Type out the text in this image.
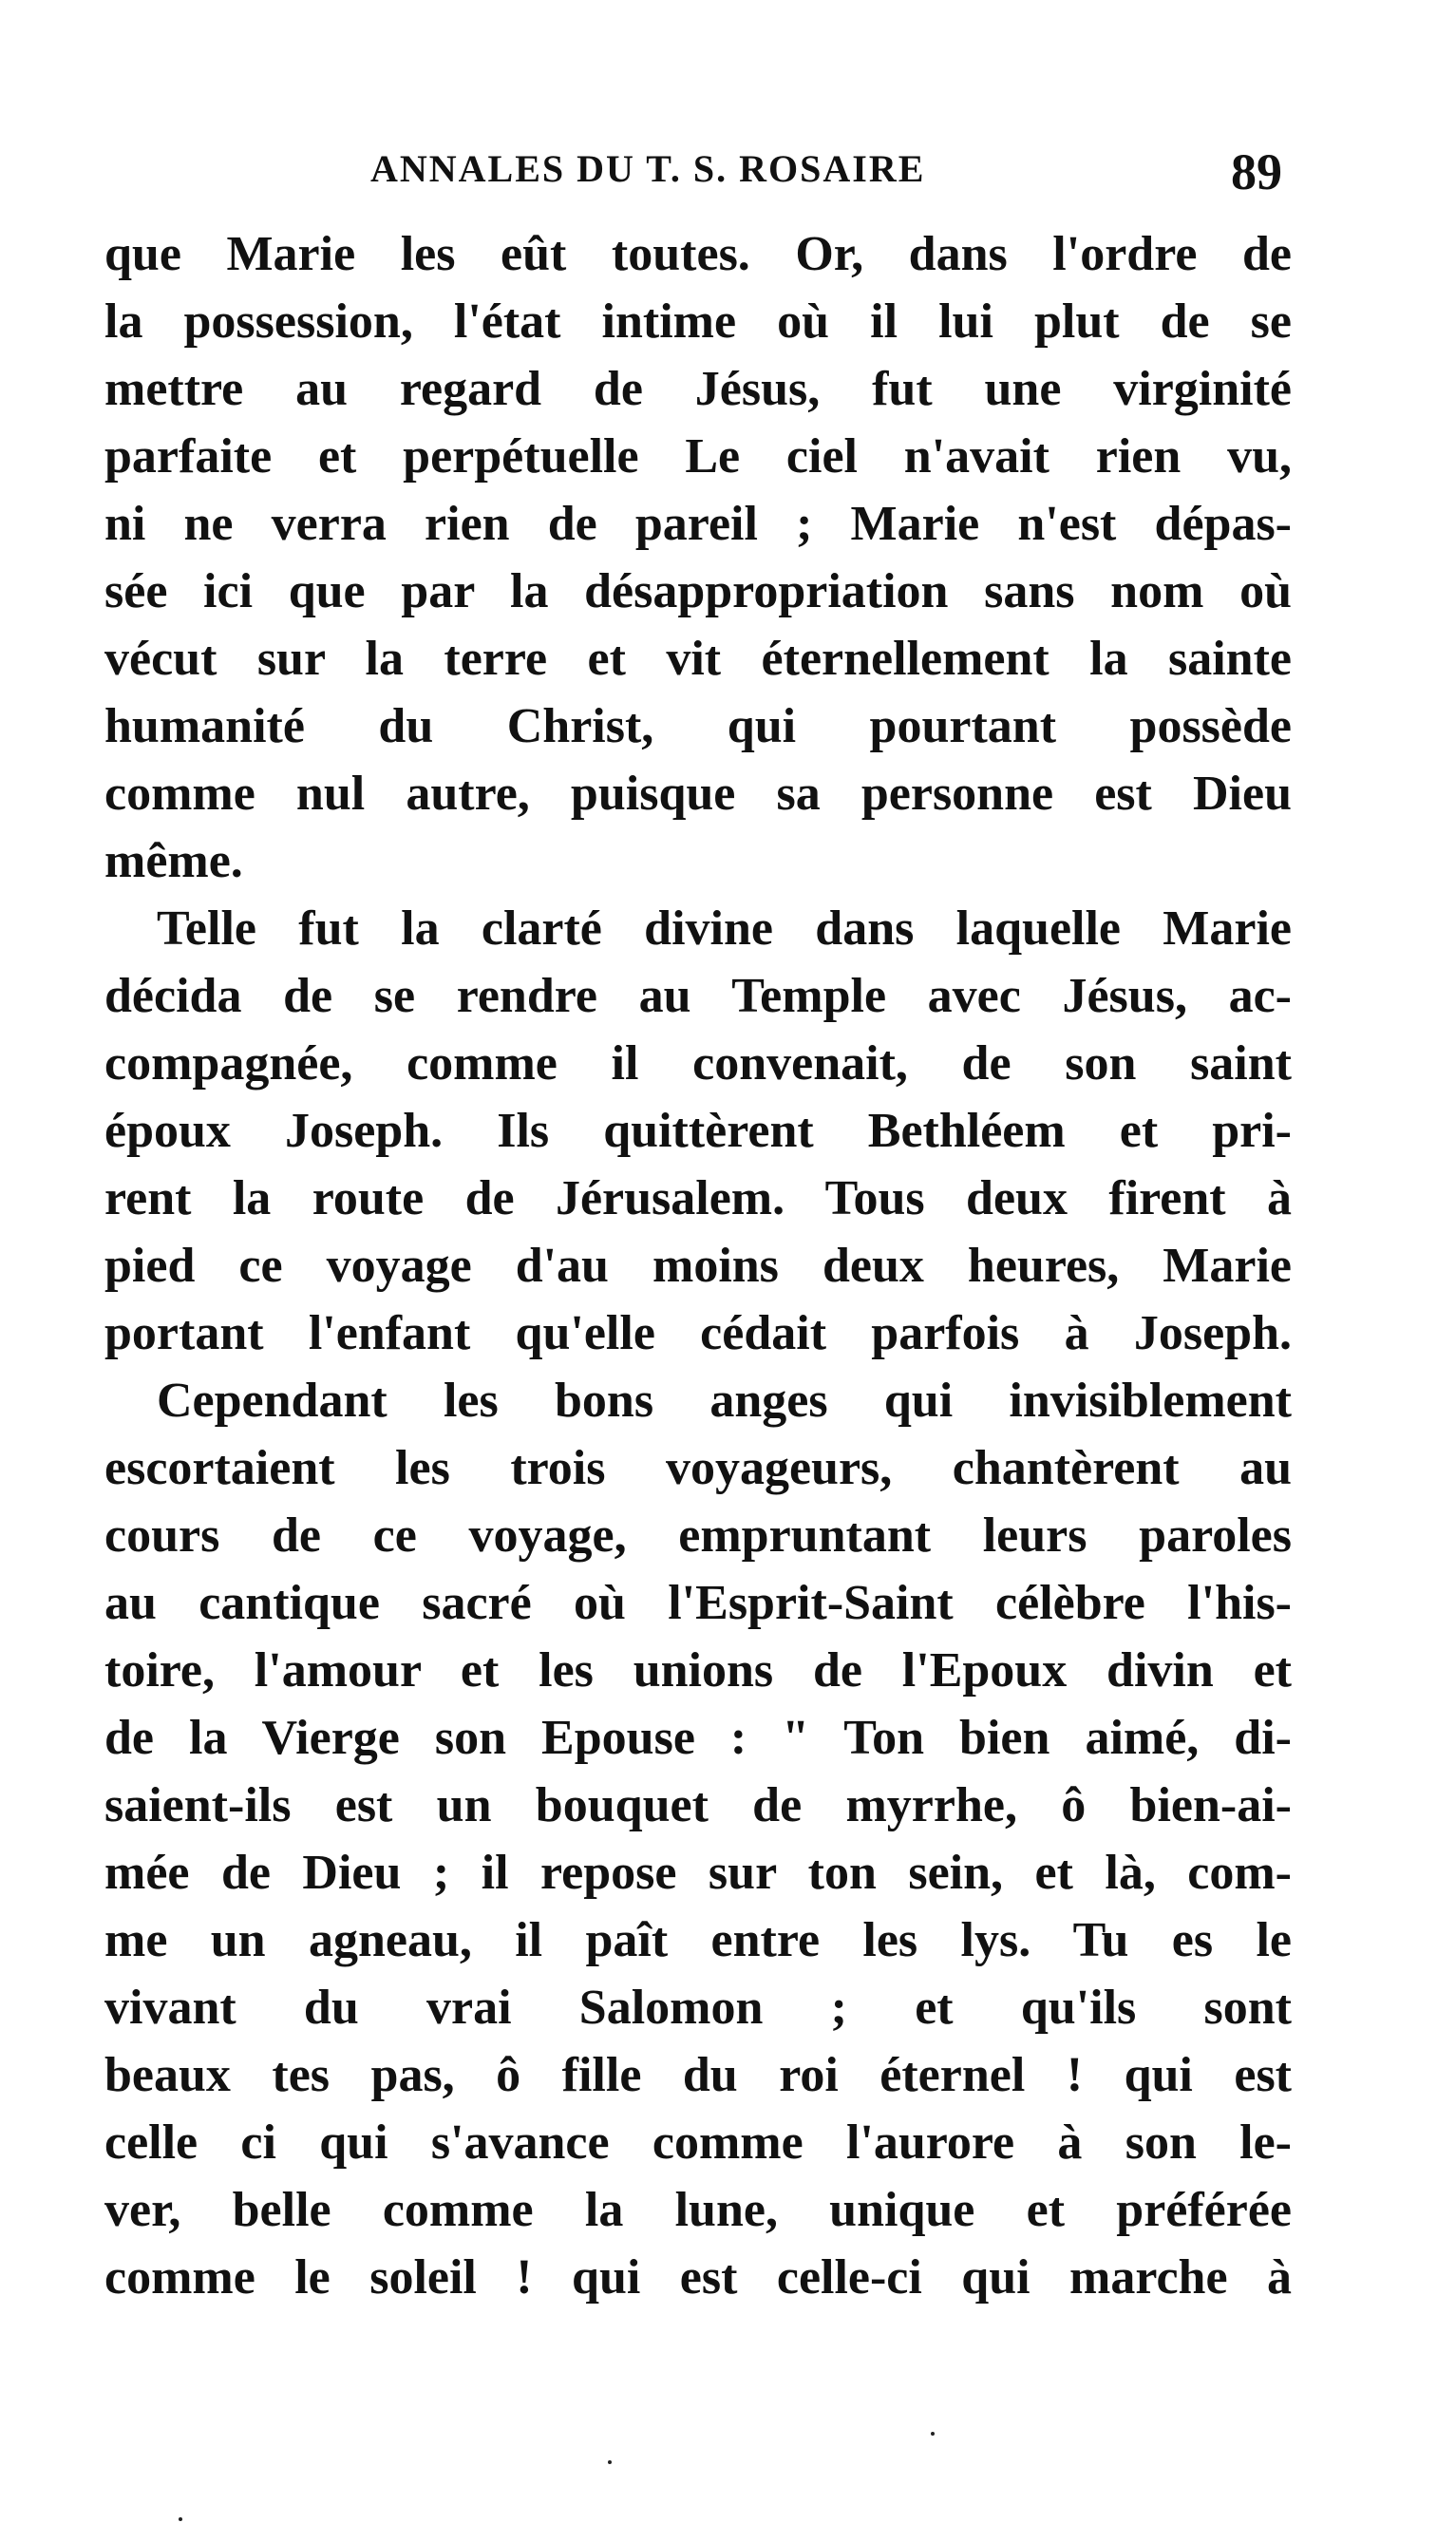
ANNALES DU T. S. ROSAIRE	89
que Marie les eût toutes. Or, dans l'ordre de
la possession, l'état intime où il lui plut de se
mettre au regard de Jésus, fut une virginité
parfaite et perpétuelle Le ciel n'avait rien vu,
ni ne verra rien de pareil ; Marie n'est dépas-
sée ici que par la désappropriation sans nom où
vécut sur la terre et vit éternellement la sainte
humanité du Christ, qui pourtant possède
comme nul autre, puisque sa personne est Dieu
même.
Telle fut la clarté divine dans laquelle Marie
décida de se rendre au Temple avec Jésus, ac-
compagnée, comme il convenait, de son saint
époux Joseph. Ils quittèrent Bethléem et pri-
rent la route de Jérusalem. Tous deux firent à
pied ce voyage d'au moins deux heures, Marie
portant l'enfant qu'elle cédait parfois à Joseph.
Cependant les bons anges qui invisiblement
escortaient les trois voyageurs, chantèrent au
cours de ce voyage, empruntant leurs paroles
au cantique sacré où l'Esprit-Saint célèbre l'his-
toire, l'amour et les unions de l'Epoux divin et
de la Vierge son Epouse : " Ton bien aimé, di-
saient-ils est un bouquet de myrrhe, ô bien-ai-
mée de Dieu ; il repose sur ton sein, et là, com-
me un agneau, il paît entre les lys. Tu es le
vivant du vrai Salomon ; et qu'ils sont
beaux tes pas, ô fille du roi éternel ! qui est
celle ci qui s'avance comme l'aurore à son le-
ver, belle comme la lune, unique et préférée
comme le soleil ! qui est celle-ci qui marche à
